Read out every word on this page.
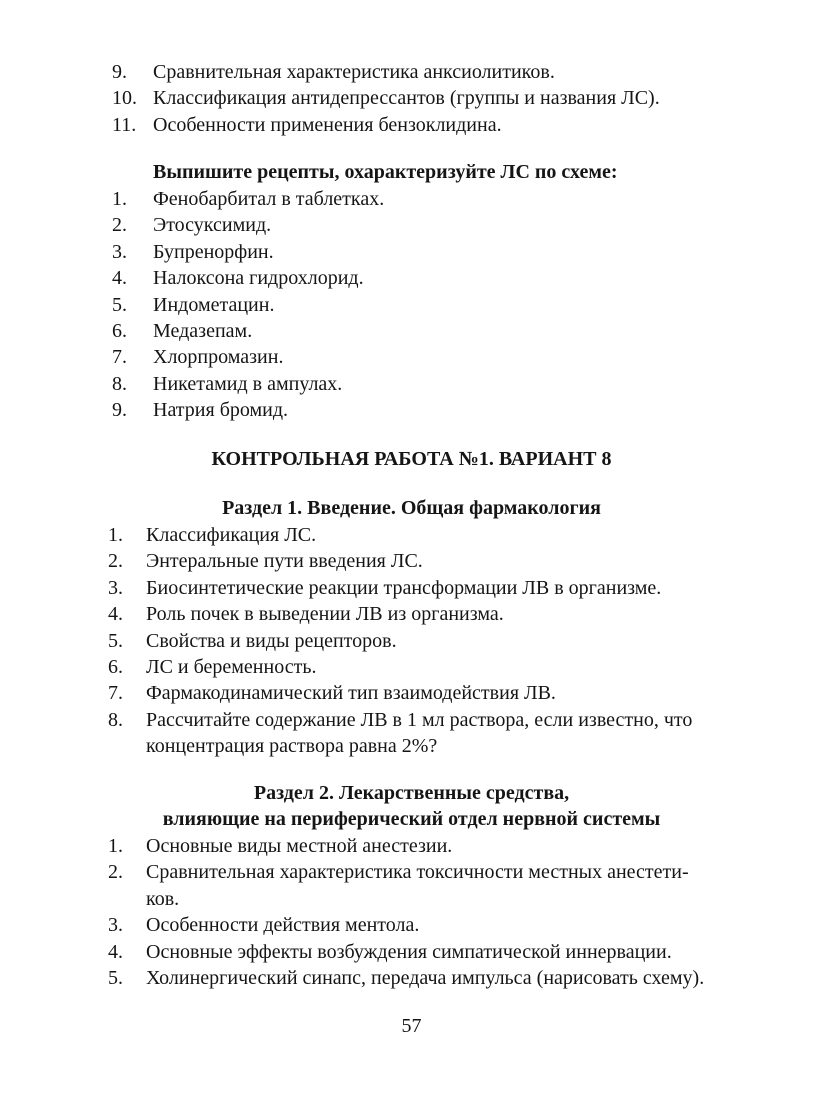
9.	Сравнительная характеристика анксиолитиков.
10. Классификация антидепрессантов (группы и названия ЛС).
11. Особенности применения бензоклидина.
Выпишите рецепты, охарактеризуйте ЛС по схеме:
1.	Фенобарбитал в таблетках.
2.	Этосуксимид.
3.	Бупренорфин.
4.	Налоксона гидрохлорид.
5.	Индометацин.
6.	Медазепам.
7.	Хлорпромазин.
8.	Никетамид в ампулах.
9.	Натрия бромид.
КОНТРОЛЬНАЯ РАБОТА №1. ВАРИАНТ 8
Раздел 1. Введение. Общая фармакология
1.	Классификация ЛС.
2.	Энтеральные пути введения ЛС.
3.	Биосинтетические реакции трансформации ЛВ в организме.
4.	Роль почек в выведении ЛВ из организма.
5.	Свойства и виды рецепторов.
6.	ЛС и беременность.
7.	Фармакодинамический тип взаимодействия ЛВ.
8.	Рассчитайте содержание ЛВ в 1 мл раствора, если известно, что концентрация раствора равна 2%?
Раздел 2. Лекарственные средства,
влияющие на периферический отдел нервной системы
1.	Основные виды местной анестезии.
2.	Сравнительная характеристика токсичности местных анестети-ков.
3.	Особенности действия ментола.
4.	Основные эффекты возбуждения симпатической иннервации.
5.	Холинергический синапс, передача импульса (нарисовать схему).
57
